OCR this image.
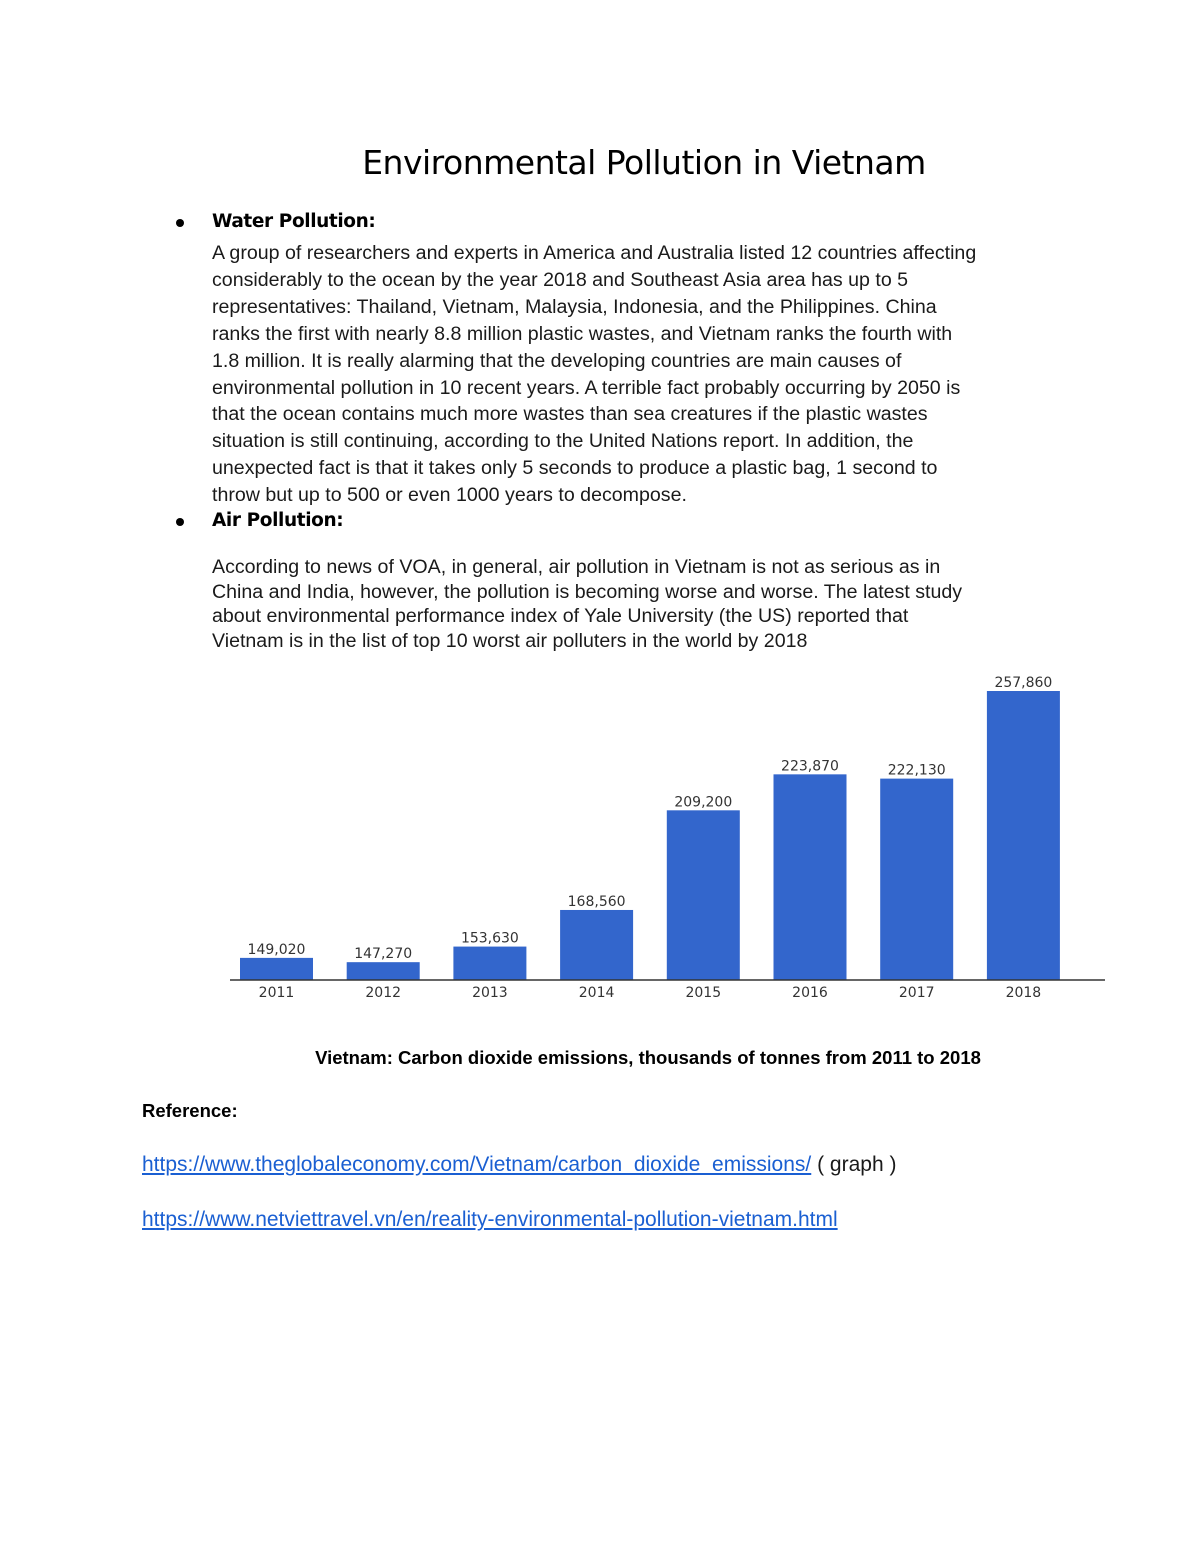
Environmental Pollution in Vietnam
Water Pollution:
A group of researchers and experts in America and Australia listed 12 countries affecting
considerably to the ocean by the year 2018 and Southeast Asia area has up to 5
representatives: Thailand, Vietnam, Malaysia, Indonesia, and the Philippines. China
ranks the first with nearly 8.8 million plastic wastes, and Vietnam ranks the fourth with
1.8 million. It is really alarming that the developing countries are main causes of
environmental pollution in 10 recent years. A terrible fact probably occurring by 2050 is
that the ocean contains much more wastes than sea creatures if the plastic wastes
situation is still continuing, according to the United Nations report. In addition, the
unexpected fact is that it takes only 5 seconds to produce a plastic bag, 1 second to
throw but up to 500 or even 1000 years to decompose.
Air Pollution:
According to news of VOA, in general, air pollution in Vietnam is not as serious as in
China and India, however, the pollution is becoming worse and worse. The latest study
about environmental performance index of Yale University (the US) reported that
Vietnam is in the list of top 10 worst air polluters in the world by 2018
149,020
2011
147,270
2012
153,630
2013
168,560
2014
209,200
2015
223,870
2016
222,130
2017
257,860
2018
Vietnam: Carbon dioxide emissions, thousands of tonnes from 2011 to 2018
Reference:
https://www.theglobaleconomy.com/Vietnam/carbon_dioxide_emissions/ ( graph )
https://www.netviettravel.vn/en/reality-environmental-pollution-vietnam.html
